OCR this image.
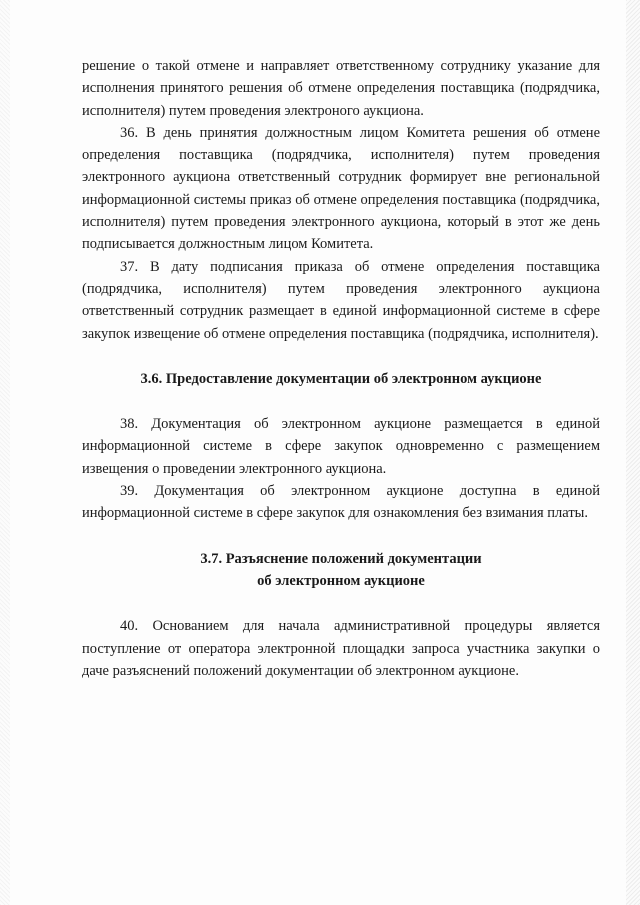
решение о такой отмене и направляет ответственному сотруднику указание для исполнения принятого решения об отмене определения поставщика (подрядчика, исполнителя) путем проведения электроного аукциона.

36. В день принятия должностным лицом Комитета решения об отмене определения поставщика (подрядчика, исполнителя) путем проведения электронного аукциона ответственный сотрудник формирует вне региональной информационной системы приказ об отмене определения поставщика (подрядчика, исполнителя) путем проведения электронного аукциона, который в этот же день подписывается должностным лицом Комитета.

37. В дату подписания приказа об отмене определения поставщика (подрядчика, исполнителя) путем проведения электронного аукциона ответственный сотрудник размещает в единой информационной системе в сфере закупок извещение об отмене определения поставщика (подрядчика, исполнителя).

3.6. Предоставление документации об электронном аукционе

38. Документация об электронном аукционе размещается в единой информационной системе в сфере закупок одновременно с размещением извещения о проведении электронного аукциона.

39. Документация об электронном аукционе доступна в единой информационной системе в сфере закупок для ознакомления без взимания платы.

3.7. Разъяснение положений документации

об электронном аукционе

40. Основанием для начала административной процедуры является поступление от оператора электронной площадки запроса участника закупки о даче разъяснений положений документации об электронном аукционе.
